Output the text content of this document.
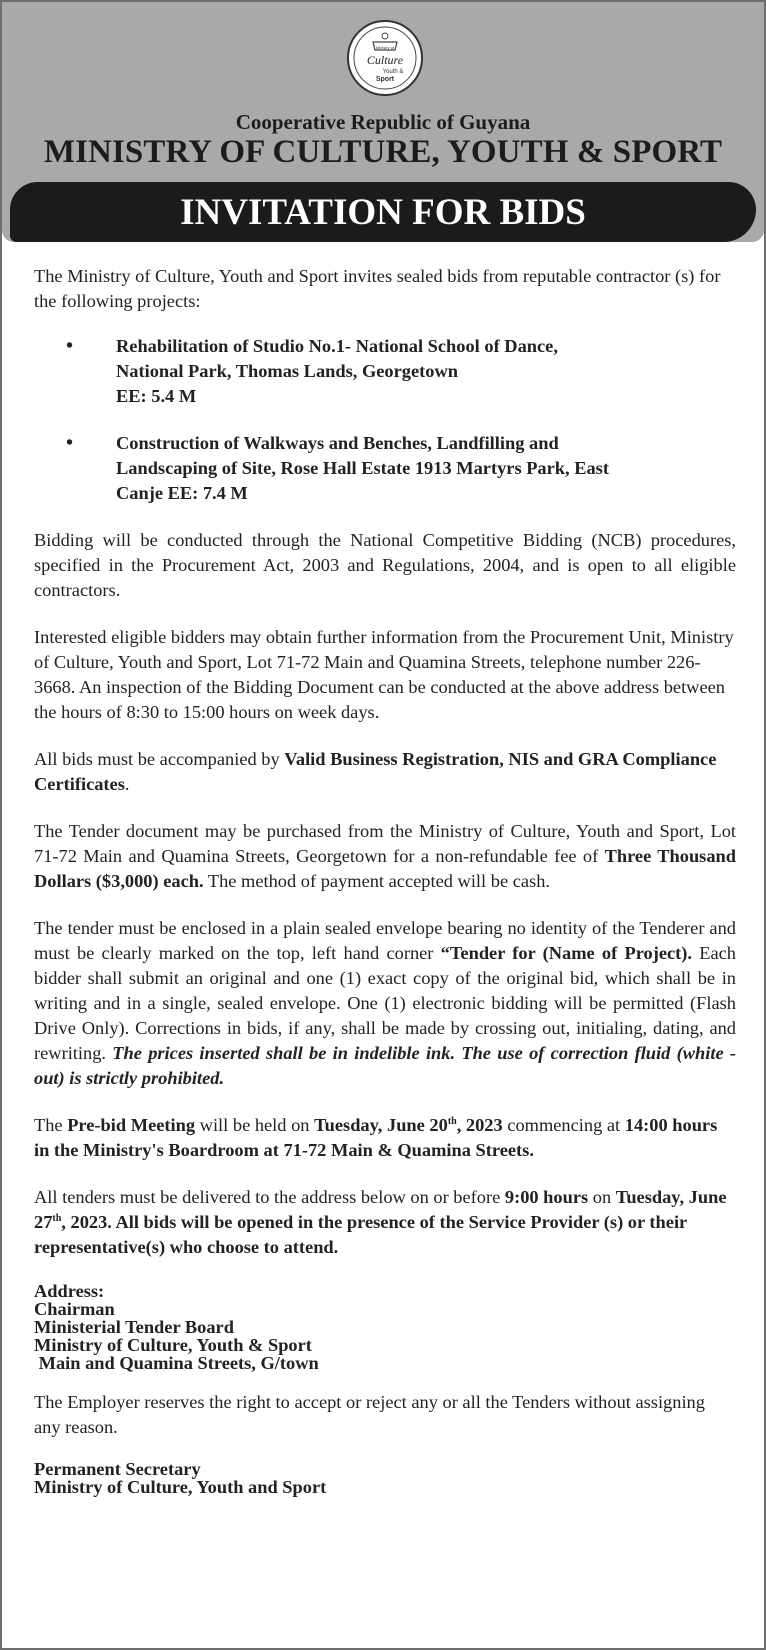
Ministry of
Culture
Youth &
Sport
Cooperative Republic of Guyana
MINISTRY OF CULTURE, YOUTH & SPORT
INVITATION FOR BIDS

The Ministry of Culture, Youth and Sport invites sealed bids from reputable contractor (s) for the following projects:

•
Rehabilitation of Studio No.1- National School of Dance,
National Park, Thomas Lands, Georgetown
EE: 5.4 M
•
Construction of Walkways and Benches, Landfilling and
Landscaping of Site, Rose Hall Estate 1913 Martyrs Park, East
Canje EE: 7.4 M

Bidding will be conducted through the National Competitive Bidding (NCB) procedures, specified in the Procurement Act, 2003 and Regulations, 2004, and is open to all eligible contractors.

Interested eligible bidders may obtain further information from the Procurement Unit, Ministry of Culture, Youth and Sport, Lot 71-72 Main and Quamina Streets, telephone number 226-3668. An inspection of the Bidding Document can be conducted at the above address between the hours of 8:30 to 15:00 hours on week days.

All bids must be accompanied by Valid Business Registration, NIS and GRA Compliance Certificates.

The Tender document may be purchased from the Ministry of Culture, Youth and Sport, Lot 71-72 Main and Quamina Streets, Georgetown for a non-refundable fee of Three Thousand Dollars ($3,000) each. The method of payment accepted will be cash.

The tender must be enclosed in a plain sealed envelope bearing no identity of the Tenderer and must be clearly marked on the top, left hand corner “Tender for (Name of Project). Each bidder shall submit an original and one (1) exact copy of the original bid, which shall be in writing and in a single, sealed envelope. One (1) electronic bidding will be permitted (Flash Drive Only). Corrections in bids, if any, shall be made by crossing out, initialing, dating, and rewriting. The prices inserted shall be in indelible ink. The use of correction fluid (white -out) is strictly prohibited.

The Pre-bid Meeting will be held on Tuesday, June 20th, 2023 commencing at 14:00 hours in the Ministry's Boardroom at 71-72 Main & Quamina Streets.

All tenders must be delivered to the address below on or before 9:00 hours on Tuesday, June 27th, 2023. All bids will be opened in the presence of the Service Provider (s) or their representative(s) who choose to attend.

Address:
Chairman
Ministerial Tender Board
Ministry of Culture, Youth & Sport
Main and Quamina Streets, G/town

The Employer reserves the right to accept or reject any or all the Tenders without assigning any reason.

Permanent Secretary
Ministry of Culture, Youth and Sport
